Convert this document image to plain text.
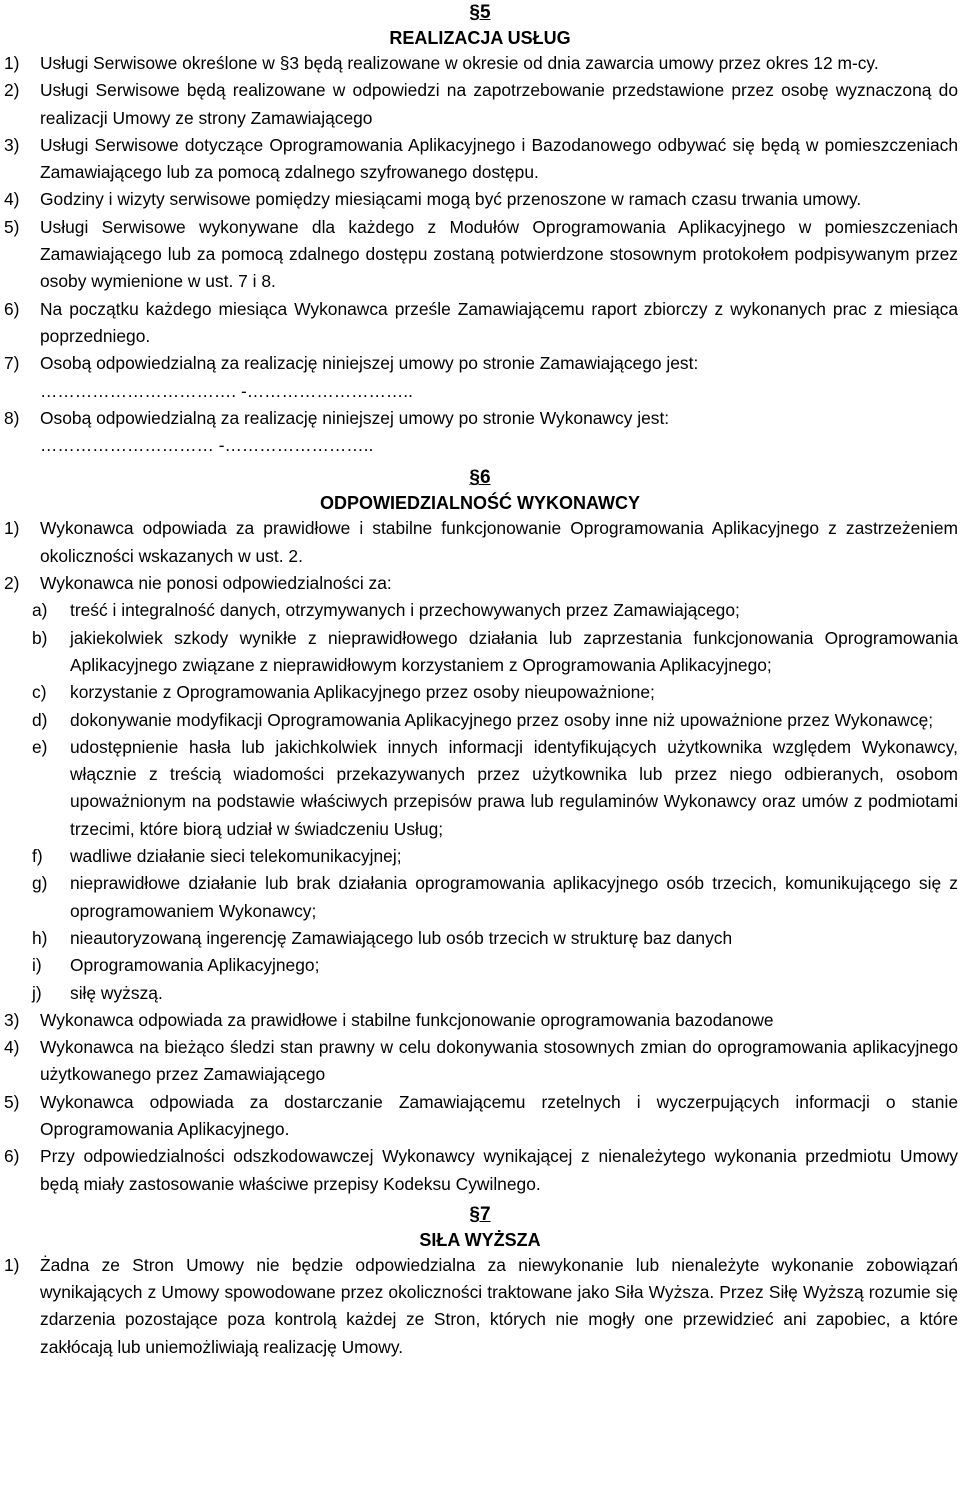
§5

REALIZACJA USŁUG

1) Usługi Serwisowe określone w §3 będą realizowane w okresie od dnia zawarcia umowy przez okres 12 m-cy.
2) Usługi Serwisowe będą realizowane w odpowiedzi na zapotrzebowanie przedstawione przez osobę wyznaczoną do realizacji Umowy ze strony Zamawiającego
3) Usługi Serwisowe dotyczące Oprogramowania Aplikacyjnego i Bazodanowego odbywać się będą w pomieszczeniach Zamawiającego lub za pomocą zdalnego szyfrowanego dostępu.
4) Godziny i wizyty serwisowe pomiędzy miesiącami mogą być przenoszone w ramach czasu trwania umowy.
5) Usługi Serwisowe wykonywane dla każdego z Modułów Oprogramowania Aplikacyjnego w pomieszczeniach Zamawiającego lub za pomocą zdalnego dostępu zostaną potwierdzone stosownym protokołem podpisywanym przez osoby wymienione w ust. 7 i 8.
6) Na początku każdego miesiąca Wykonawca prześle Zamawiającemu raport zbiorczy z wykonanych prac z miesiąca poprzedniego.
7) Osobą odpowiedzialną za realizację niniejszej umowy po stronie Zamawiającego jest:
……………………………. -………………………..
8) Osobą odpowiedzialną za realizację niniejszej umowy po stronie Wykonawcy jest:
………………………… -……………………..

§6

ODPOWIEDZIALNOŚĆ WYKONAWCY

1) Wykonawca odpowiada za prawidłowe i stabilne funkcjonowanie Oprogramowania Aplikacyjnego z zastrzeżeniem okoliczności wskazanych w ust. 2.
2) Wykonawca nie ponosi odpowiedzialności za:
a) treść i integralność danych, otrzymywanych i przechowywanych przez Zamawiającego;
b) jakiekolwiek szkody wynikłe z nieprawidłowego działania lub zaprzestania funkcjonowania Oprogramowania Aplikacyjnego związane z nieprawidłowym korzystaniem z Oprogramowania Aplikacyjnego;
c) korzystanie z Oprogramowania Aplikacyjnego przez osoby nieupoważnione;
d) dokonywanie modyfikacji Oprogramowania Aplikacyjnego przez osoby inne niż upoważnione przez Wykonawcę;
e) udostępnienie hasła lub jakichkolwiek innych informacji identyfikujących użytkownika względem Wykonawcy, włącznie z treścią wiadomości przekazywanych przez użytkownika lub przez niego odbieranych, osobom upoważnionym na podstawie właściwych przepisów prawa lub regulaminów Wykonawcy oraz umów z podmiotami trzecimi, które biorą udział w świadczeniu Usług;
f) wadliwe działanie sieci telekomunikacyjnej;
g) nieprawidłowe działanie lub brak działania oprogramowania aplikacyjnego osób trzecich, komunikującego się z oprogramowaniem Wykonawcy;
h) nieautoryzowaną ingerencję Zamawiającego lub osób trzecich w strukturę baz danych
i) Oprogramowania Aplikacyjnego;
j) siłę wyższą.
3) Wykonawca odpowiada za prawidłowe i stabilne funkcjonowanie oprogramowania bazodanowe
4) Wykonawca na bieżąco śledzi stan prawny w celu dokonywania stosownych zmian do oprogramowania aplikacyjnego użytkowanego przez Zamawiającego
5) Wykonawca odpowiada za dostarczanie Zamawiającemu rzetelnych i wyczerpujących informacji o stanie Oprogramowania Aplikacyjnego.
6) Przy odpowiedzialności odszkodowawczej Wykonawcy wynikającej z nienależytego wykonania przedmiotu Umowy będą miały zastosowanie właściwe przepisy Kodeksu Cywilnego.

§7

SIŁA WYŻSZA

1) Żadna ze Stron Umowy nie będzie odpowiedzialna za niewykonanie lub nienależyte wykonanie zobowiązań wynikających z Umowy spowodowane przez okoliczności traktowane jako Siła Wyższa. Przez Siłę Wyższą rozumie się zdarzenia pozostające poza kontrolą każdej ze Stron, których nie mogły one przewidzieć ani zapobiec, a które zakłócają lub uniemożliwiają realizację Umowy.
